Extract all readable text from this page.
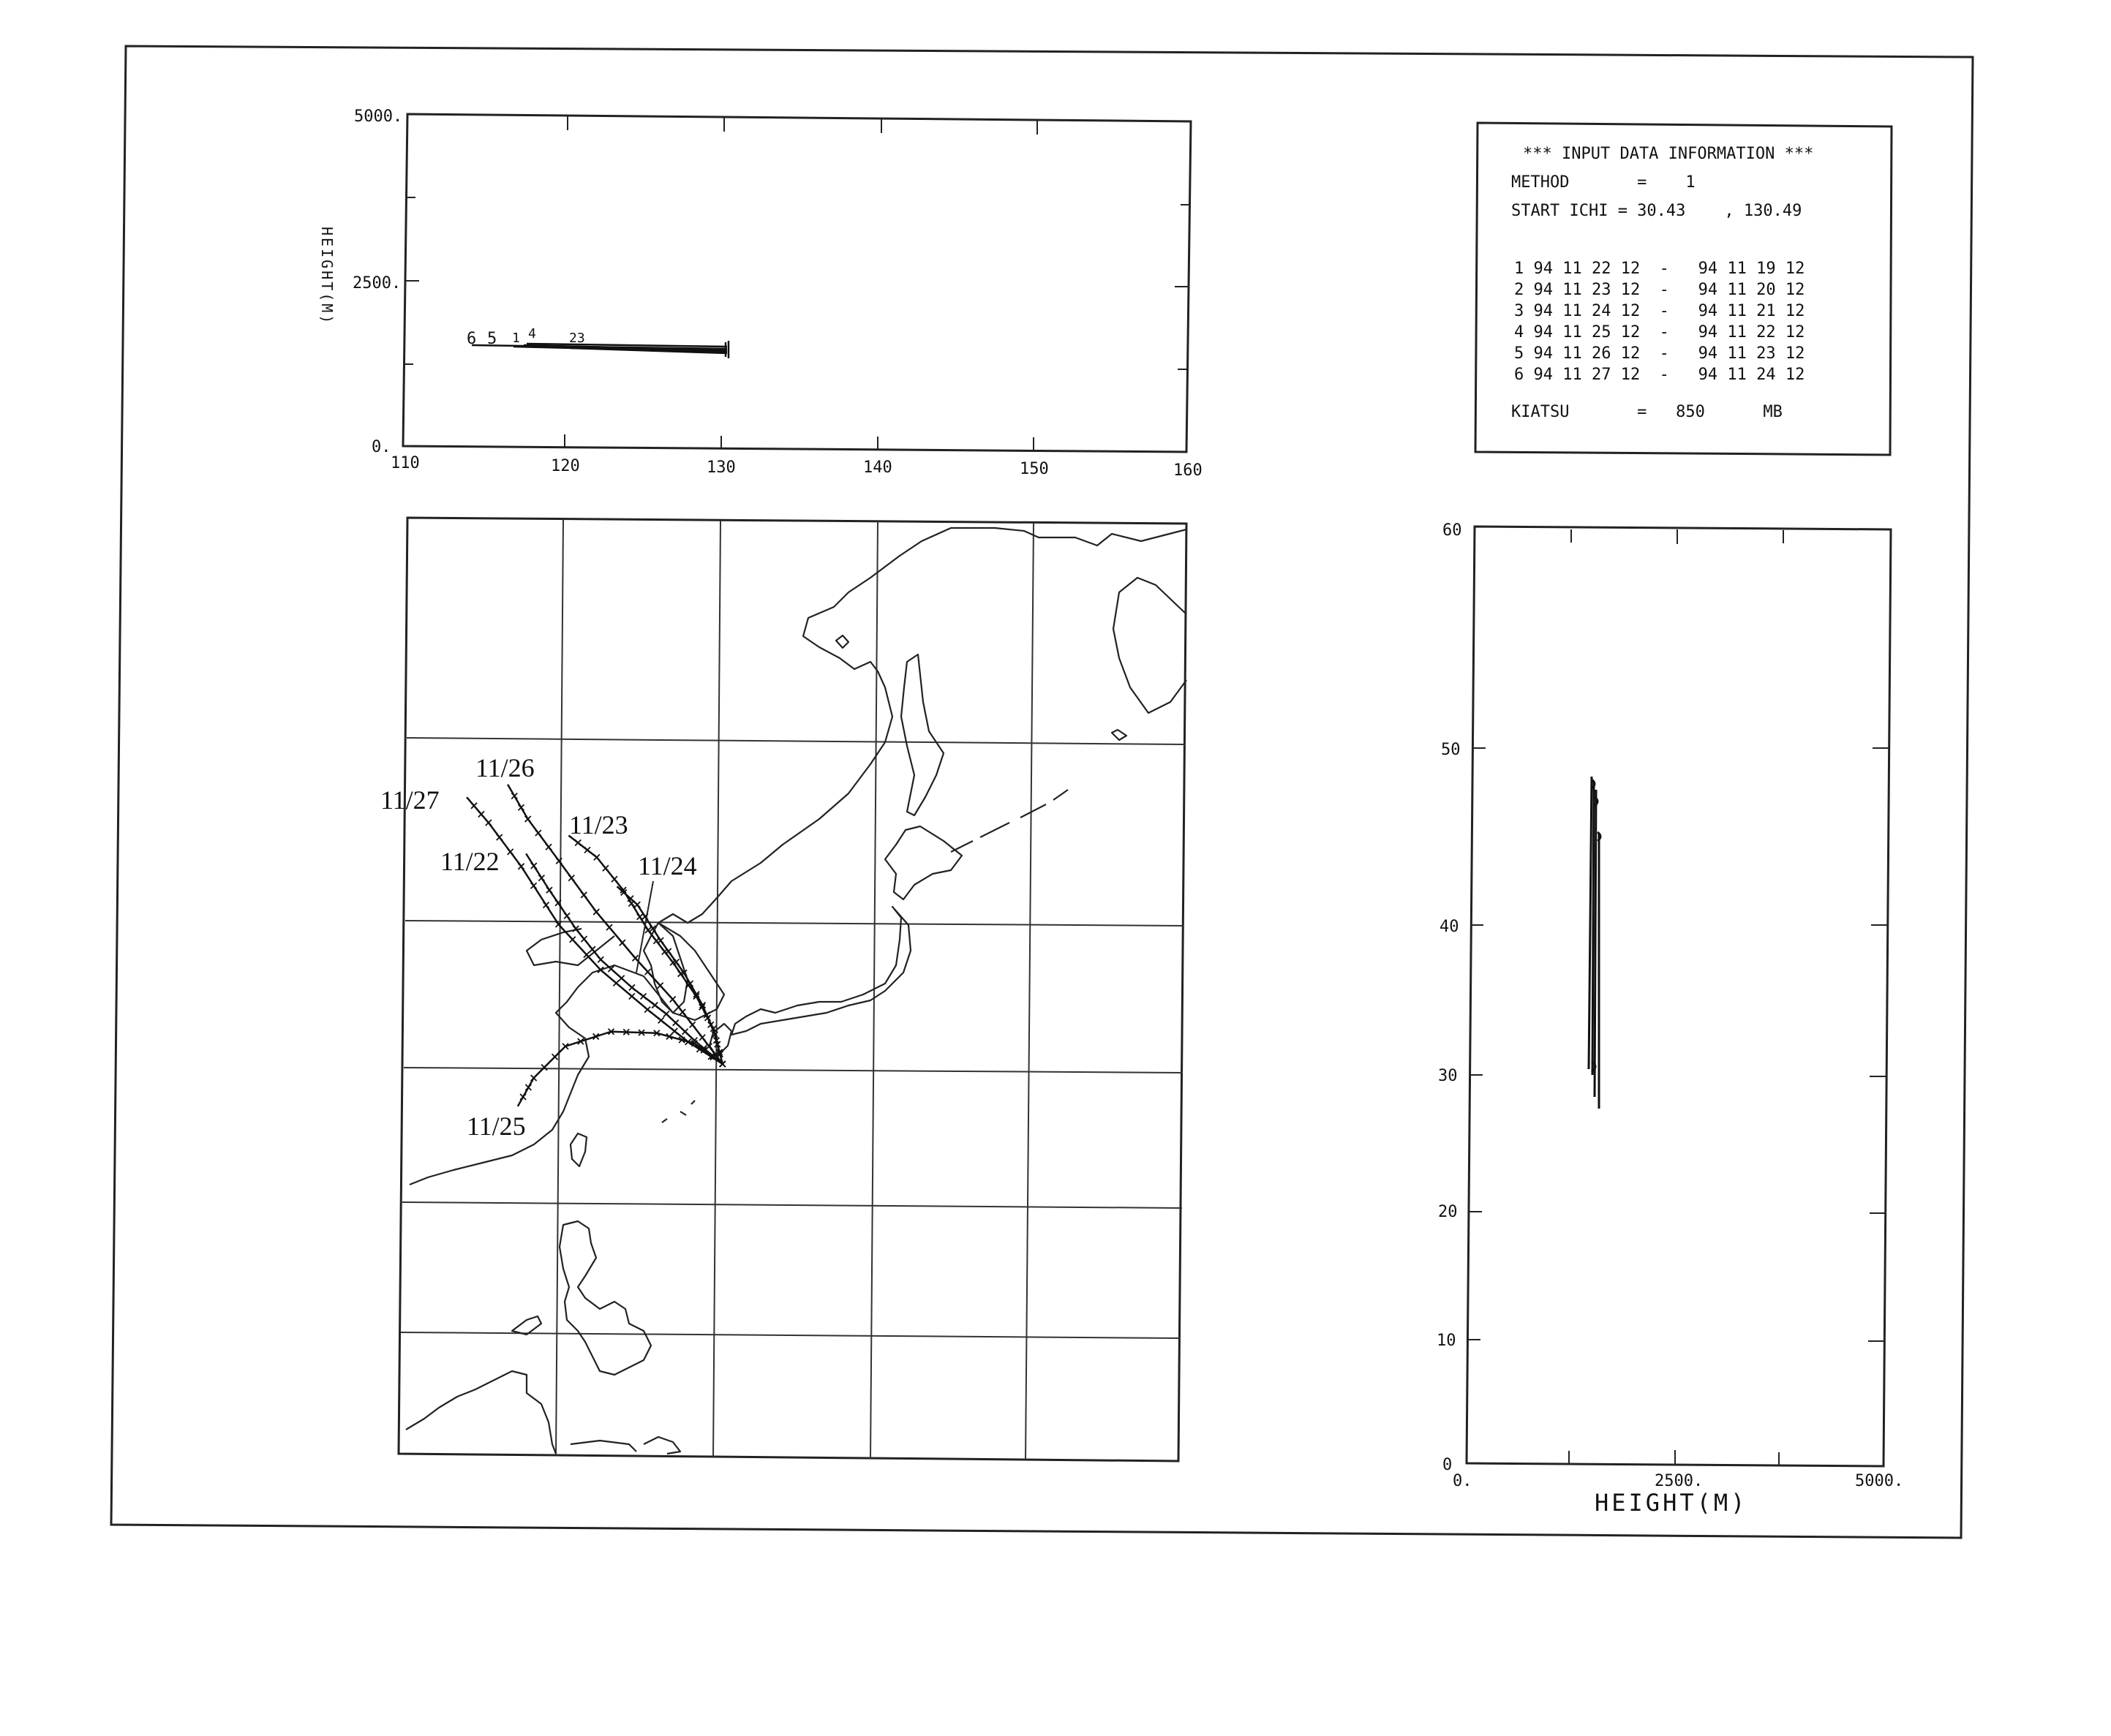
5000.
2500.
0.
HEIGHT(M)
110	120	130	140	150	160
6 5 1 4	23
*** INPUT DATA INFORMATION ***
METHOD       =    1
START ICHI = 30.43    , 130.49
1 94 11 22 12  -   94 11 19 12
2 94 11 23 12  -   94 11 20 12
3 94 11 24 12  -   94 11 21 12
4 94 11 25 12  -   94 11 22 12
5 94 11 26 12  -   94 11 23 12
6 94 11 27 12  -   94 11 24 12
KIATSU       =   850      MB
60
50
40
30
20
10
0
0.	2500.	5000.
HEIGHT(M)
11/26
11/27
11/23
11/22	11/24
11/25
